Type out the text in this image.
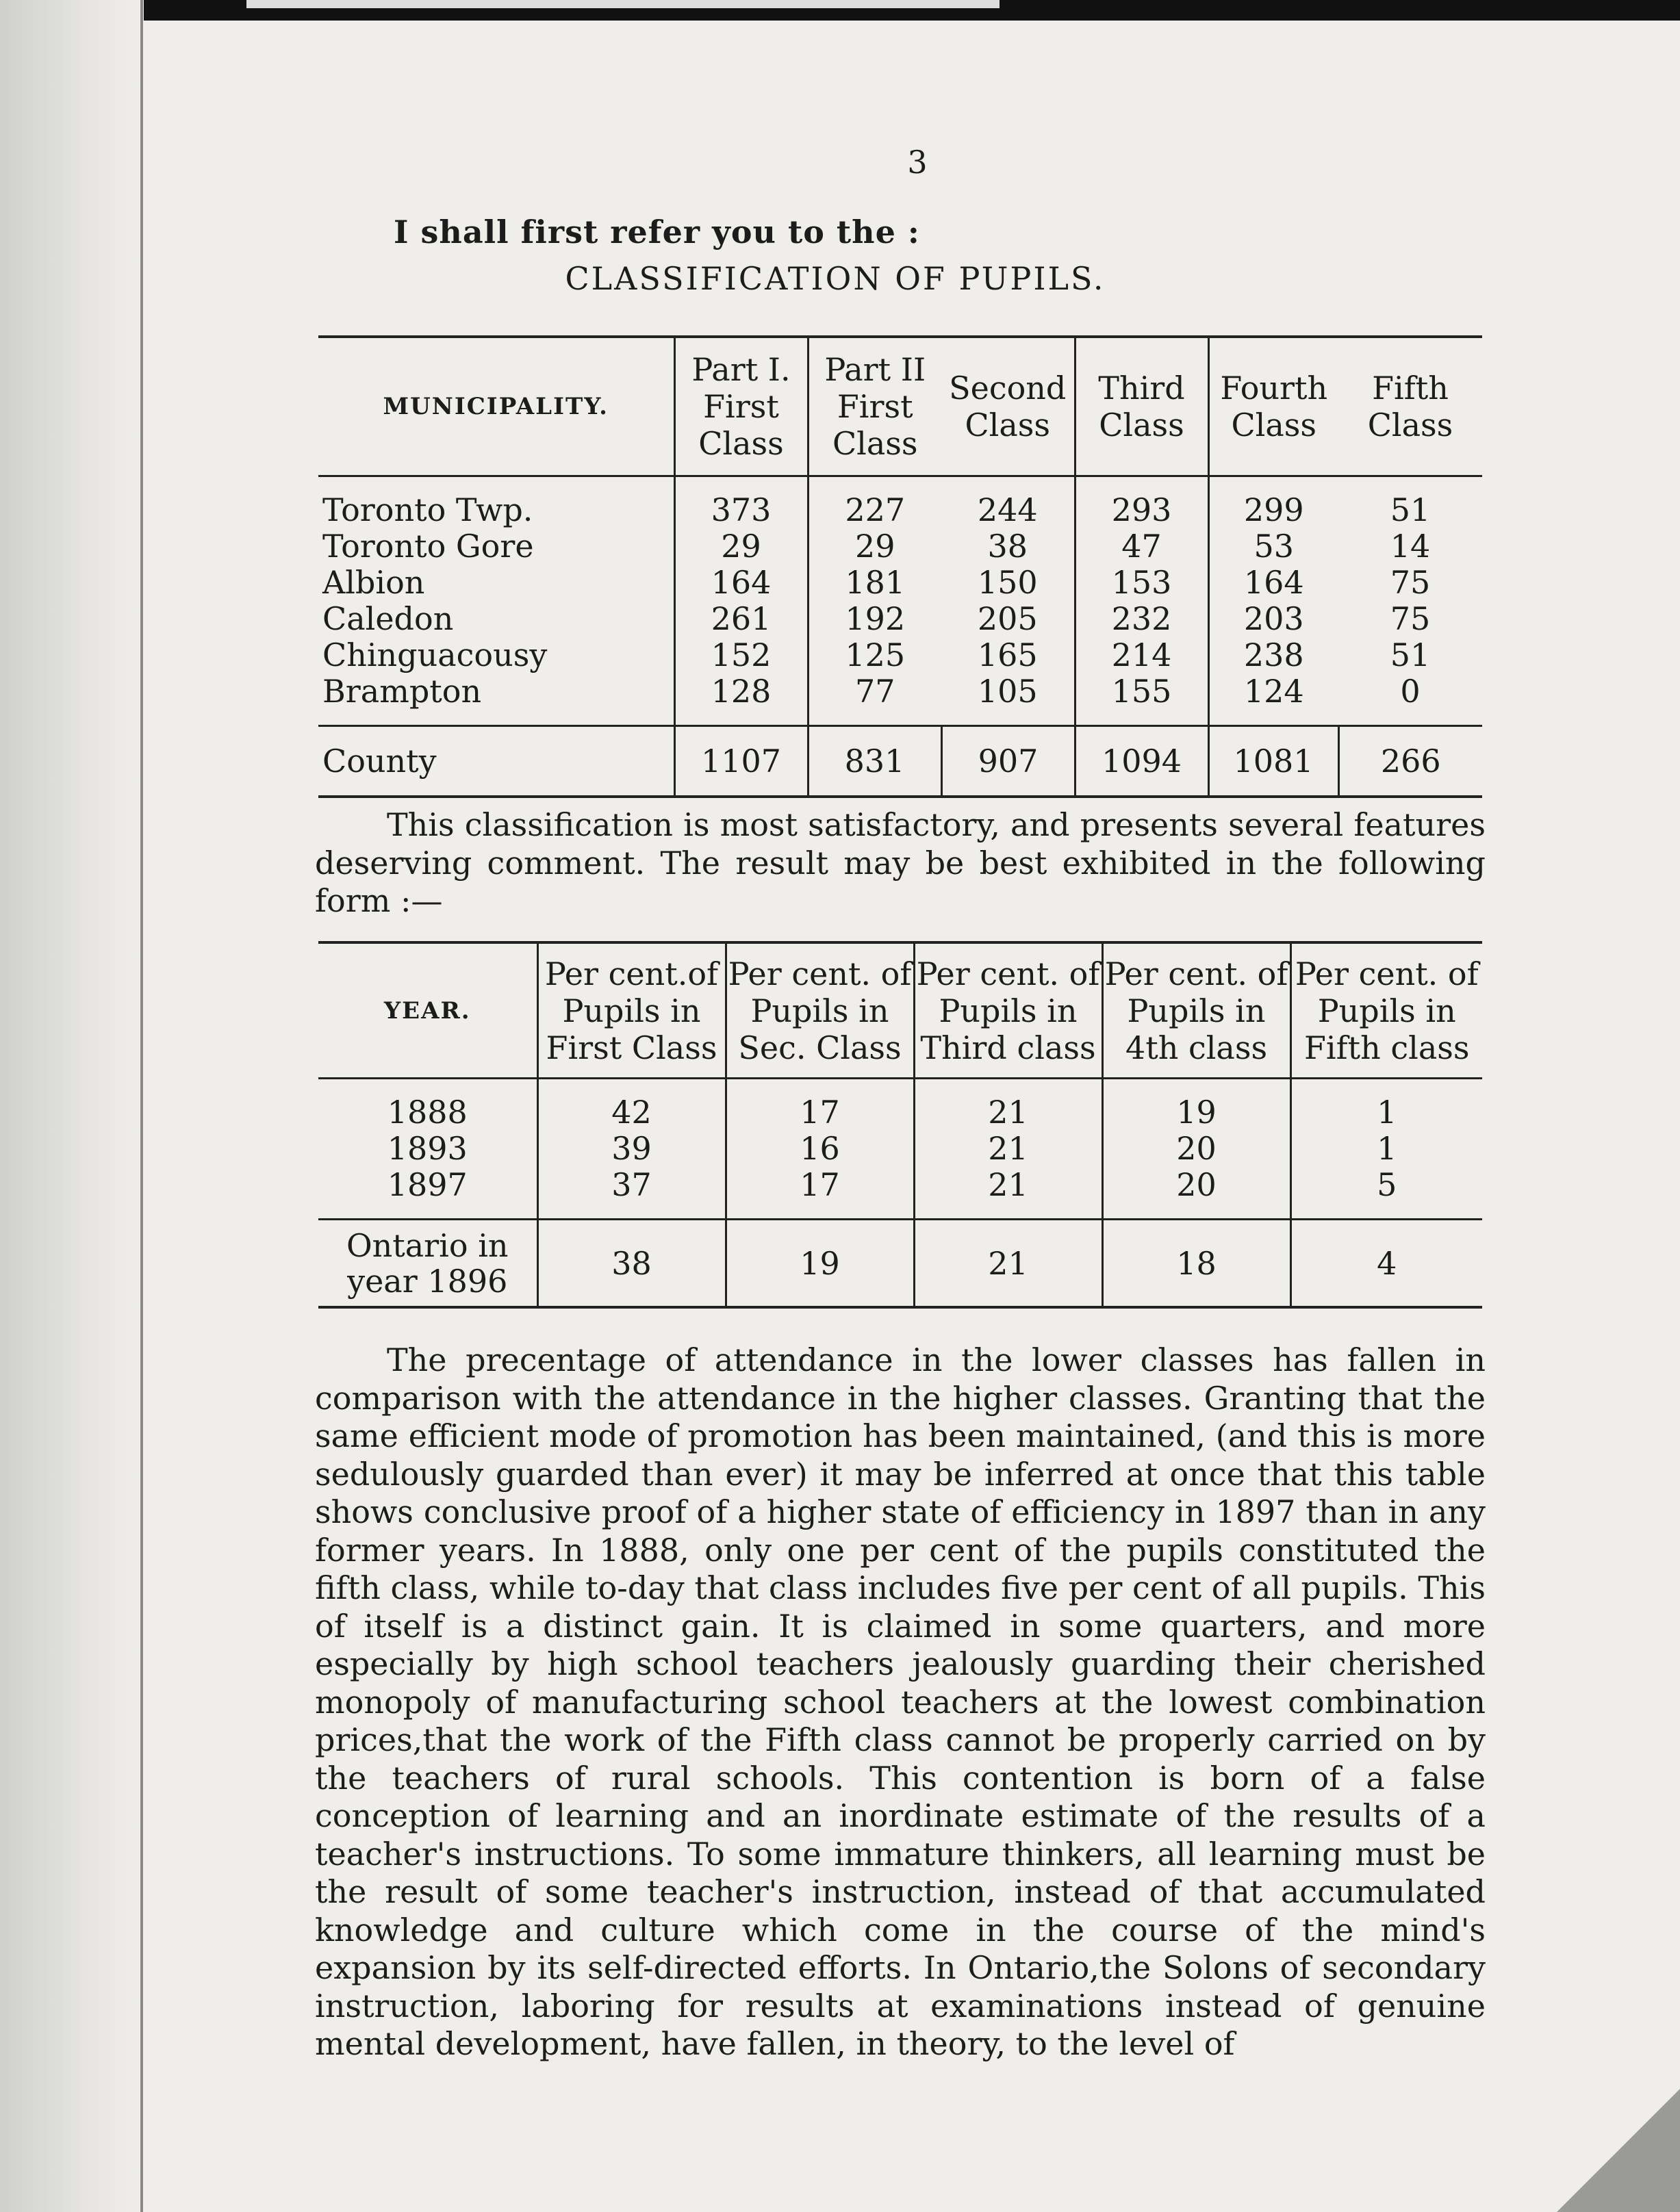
3
I shall first refer you to the :
CLASSIFICATION OF PUPILS.
MUNICIPALITY.	Part I. First Class	Part II First Class	Second Class	Third Class	Fourth Class	Fifth Class
Toronto Twp.	373	227	244	293	299	51
Toronto Gore	29	29	38	47	53	14
Albion	164	181	150	153	164	75
Caledon	261	192	205	232	203	75
Chinguacousy	152	125	165	214	238	51
Brampton	128	77	105	155	124	0
County	1107	831	907	1094	1081	266
This classification is most satisfactory, and presents several features deserving comment. The result may be best exhibited in the following form :—
YEAR.	Per cent.of Pupils in First Class	Per cent. of Pupils in Sec. Class	Per cent. of Pupils in Third class	Per cent. of Pupils in 4th class	Per cent. of Pupils in Fifth class
1888	42	17	21	19	1
1893	39	16	21	20	1
1897	37	17	21	20	5
Ontario in year 1896	38	19	21	18	4
The precentage of attendance in the lower classes has fallen in comparison with the attendance in the higher classes. Granting that the same efficient mode of promotion has been maintained, (and this is more sedulously guarded than ever) it may be inferred at once that this table shows conclusive proof of a higher state of efficiency in 1897 than in any former years. In 1888, only one per cent of the pupils constituted the fifth class, while to-day that class includes five per cent of all pupils. This of itself is a distinct gain. It is claimed in some quarters, and more especially by high school teachers jealously guarding their cherished monopoly of manufacturing school teachers at the lowest combination prices,that the work of the Fifth class cannot be properly carried on by the teachers of rural schools. This contention is born of a false conception of learning and an inordinate estimate of the results of a teacher's instructions. To some immature thinkers, all learning must be the result of some teacher's instruction, instead of that accumulated knowledge and culture which come in the course of the mind's expansion by its self-directed efforts. In Ontario,the Solons of secondary instruction, laboring for results at examinations instead of genuine mental development, have fallen, in theory, to the level of
